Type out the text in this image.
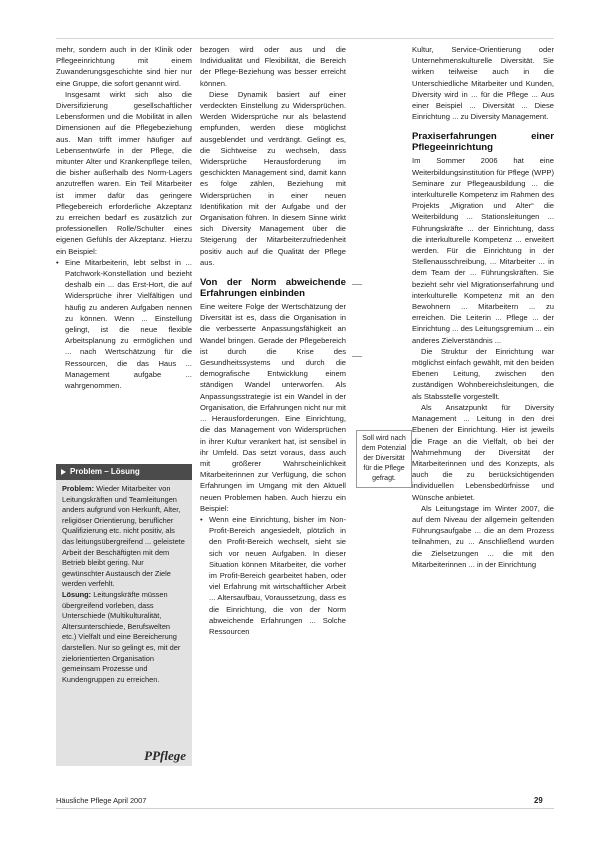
mehr, sondern auch in der Klinik oder Pflegeeinrichtung mit einem Zuwanderungsgeschichte sind hier nur eine Gruppe, die sofort genannt wird.

Insgesamt wirkt sich also die Diversifizierung gesellschaftlicher Lebensformen und die Mobilität in allen Dimensionen auf die Pflegebeziehung aus. Man trifft immer häufiger auf Lebensentwürfe in der Pflege, die mitunter Alter und Krankenpflege teilen, die bisher außerhalb des Norm-Lagers anzutreffen waren. Ein Teil Mitarbeiter ist immer dafür das geringere Pflegebereich erforderliche Akzeptanz zu erreichen bedarf es zusätzlich zur professionellen Rolle/Schulter eines eigenen Gefühls der Akzeptanz. Hierzu ein Beispiel:

• Eine Mitarbeiterin, lebt selbst in ... Patchwork-Konstellation und bezieht deshalb ein ... das Erst-Hort, die auf Widersprüche ihrer Vielfältigen und häufig zu anderen Aufgaben nennen zu können. Wenn ... Einstellung gelingt, ist die neue flexible Arbeitsplanung zu ermöglichen und ... nach Wertschätzung für die Ressourcen, die das Haus ... Management aufgabe ... wahrgenommen.

Problem – Lösung

Problem: Wieder Mitarbeiter von Leitungskräften und Teamleitungen anders aufgrund von Herkunft, Alter, religiöser Orientierung, beruflicher Qualifizierung etc. nicht positiv, als das leitungsübergreifend ... geleistete Arbeit der Beschäftigten mit dem Betrieb bleibt gering. Nur gewünschter Austausch der Ziele werden verfehlt.

Lösung: Leitungskräfte müssen übergreifend vorleben, dass Unterschiede (Multikulturalität, Altersunterschiede, Berufswelten etc.) Vielfalt und eine Bereicherung darstellen. Nur so gelingt es, mit der zielorientierten Organisation gemeinsam Prozesse und Kundengruppen zu erreichen.

PPflege

bezogen wird oder aus und die Individualität und Flexibilität, die Bereich der Pflege-Beziehung was besser erreicht können.

Diese Dynamik basiert auf einer verdeckten Einstellung zu Widersprüchen. Werden Widersprüche nur als belastend empfunden, werden diese möglichst ausgeblendet und verdrängt. Gelingt es, die Sichtweise zu wechseln, dass Widersprüche Herausforderung im geschickten Management sind, damit kann es folge zählen, Beziehung mit Widersprüchen in einer neuen Identifikation mit der Aufgabe und der Organisation führen. In diesem Sinne wirkt sich Diversity Management über die Steigerung der Mitarbeiterzufriedenheit positiv auch auf die Qualität der Pflege aus.

Von der Norm abweichende Erfahrungen einbinden

Eine weitere Folge der Wertschätzung der Diversität ist es, dass die Organisation in die verbesserte Anpassungsfähigkeit an Wandel bringen. Gerade der Pflegebereich ist durch die Krise des Gesundheitssystems und durch die demografische Entwicklung einem ständigen Wandel unterworfen. Als Anpassungsstrategie ist ein Wandel in der Organisation, die Erfahrungen nicht nur mit ... Herausforderungen. Eine Einrichtung, die das Management von Widersprüchen in ihrer Kultur verankert hat, ist sensibel in ihr Umfeld. Das setzt voraus, dass auch mit größerer Wahrscheinlichkeit Mitarbeiterinnen zur Verfügung, die schon Erfahrungen im Umgang mit den Aktuell neuen Problemen haben. Auch hierzu ein Beispiel:

• Wenn eine Einrichtung, bisher im Non-Profit-Bereich angesiedelt, plötzlich in den Profit-Bereich wechselt, sieht sie sich vor neuen Aufgaben. In dieser Situation können Mitarbeiter, die vorher im Profit-Bereich gearbeitet haben, oder viel Erfahrung mit wirtschaftlicher Arbeit ... Altersaufbau, Voraussetzung, dass es die Einrichtung, die von der Norm abweichende Erfahrungen ... Solche Ressourcen

Soll wird nach dem Potenzial der Diversität für die Pflege gefragt.

Kultur, Service-Orientierung oder Unternehmenskulturelle Diversität. Sie wirken teilweise auch in die Unterschiedliche Mitarbeiter und Kunden, Diversity wird in ... für die Pflege ... Aus einer Beispiel ... Diversität ... Diese Einrichtung ... zu Diversity Management.

Praxiserfahrungen einer Pflegeeinrichtung

Im Sommer 2006 hat eine Weiterbildungsinstitution für Pflege (WPP) Seminare zur Pflegeausbildung ... die interkulturelle Kompetenz im Rahmen des Projekts „Migration und Alter“ die Weiterbildung ... Stationsleitungen ... Führungskräfte ... der Einrichtung, dass die interkulturelle Kompetenz ... erweitert werden. Für die Einrichtung in der Stellenausschreibung, ... Mitarbeiter ... in dem Team der ... Führungskräften. Sie bezieht sehr viel Migrationserfahrung und interkulturelle Kompetenz mit an den Bewohnern ... Mitarbeitern ... zu erreichen. Die Leiterin ... Pflege ... der Einrichtung ... des Leitungsgremium ... ein anderes Zielverständnis ...

Die Struktur der Einrichtung war möglichst einfach gewählt, mit den beiden Ebenen Leitung, zwischen den zuständigen Wohnbereichsleitungen, die als Stabsstelle vorgestellt.

Als Ansatzpunkt für Diversity Management ... Leitung in den drei Ebenen der Einrichtung. Hier ist jeweils die Frage an die Vielfalt, ob bei der Wahrnehmung der Diversität der Mitarbeiterinnen und des Konzepts, als auch die zu berücksichtigenden individuellen Lebensbedürfnisse und Wünsche anbietet.

Als Leitungstage im Winter 2007, die auf dem Niveau der allgemein geltenden Führungsaufgabe ... die an dem Prozess teilnahmen, zu ... Anschließend wurden die Zielsetzungen ... die mit den Mitarbeiterinnen ... in der Einrichtung

Häusliche Pflege April 2007	29
